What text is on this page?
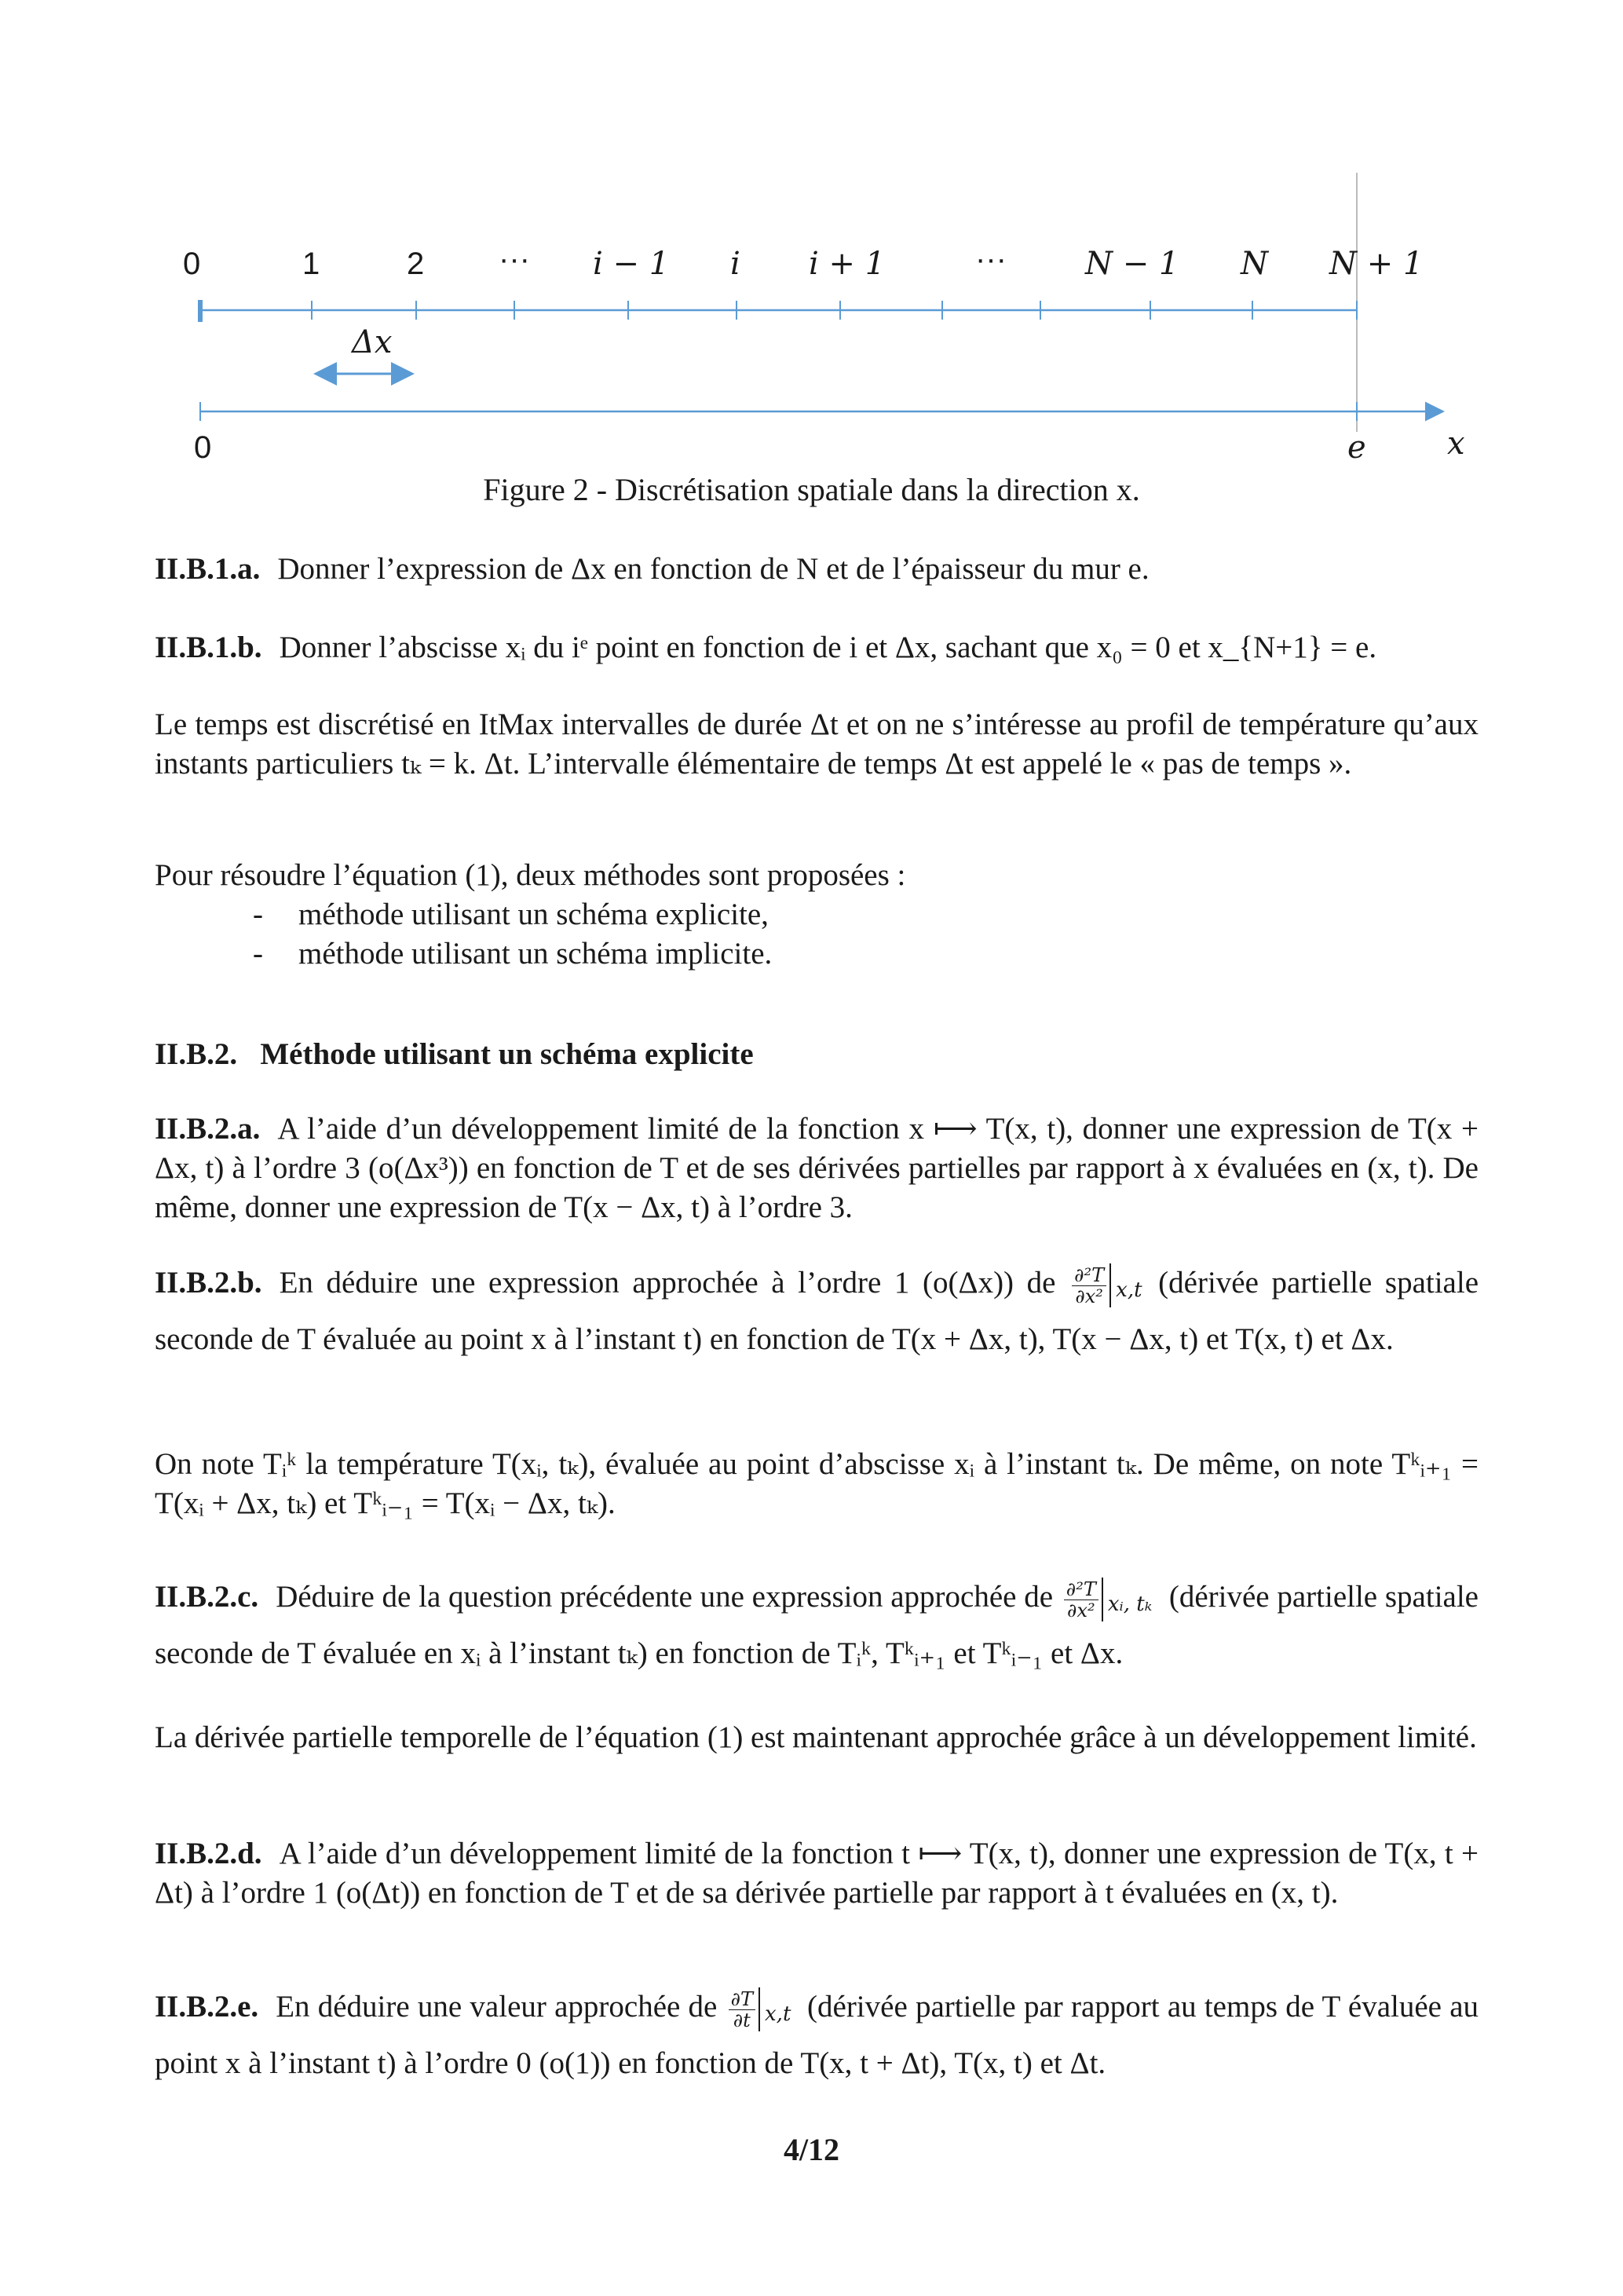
0	1	2 ··· i − 1 i i + 1	···	N − 1 N N + 1
Δx
0	e	x
Figure 2 - Discrétisation spatiale dans la direction x.
II.B.1.a. Donner l’expression de Δx en fonction de N et de l’épaisseur du mur e.
II.B.1.b. Donner l’abscisse xᵢ du iᵉ point en fonction de i et Δx, sachant que x₀ = 0 et x_{N+1} = e.
Le temps est discrétisé en ItMax intervalles de durée Δt et on ne s’intéresse au profil de température qu’aux instants particuliers tₖ = k. Δt. L’intervalle élémentaire de temps Δt est appelé le « pas de temps ».
Pour résoudre l’équation (1), deux méthodes sont proposées :
- méthode utilisant un schéma explicite,
- méthode utilisant un schéma implicite.
II.B.2.   Méthode utilisant un schéma explicite
II.B.2.a. A l’aide d’un développement limité de la fonction x ⟼ T(x, t), donner une expression de T(x + Δx, t) à l’ordre 3 (o(Δx³)) en fonction de T et de ses dérivées partielles par rapport à x évaluées en (x, t). De même, donner une expression de T(x − Δx, t) à l’ordre 3.
II.B.2.b. En déduire une expression approchée à l’ordre 1 (o(Δx)) de $\frac{\text{∂²T}}{\text{∂x²}} x,t$ (dérivée partielle spatiale seconde de T évaluée au point x à l’instant t) en fonction de T(x + Δx, t), T(x − Δx, t) et T(x, t) et Δx.
On note Tᵢᵏ la température T(xᵢ, tₖ), évaluée au point d’abscisse xᵢ à l’instant tₖ. De même, on note Tᵏᵢ₊₁ = T(xᵢ + Δx, tₖ) et Tᵏᵢ₋₁ = T(xᵢ − Δx, tₖ).
II.B.2.c. Déduire de la question précédente une expression approchée de $\frac{\text{∂²T}}{\text{∂x²}}$ xᵢ, tₖ (dérivée partielle spatiale seconde de T évaluée en xᵢ à l’instant tₖ) en fonction de Tᵢᵏ, Tᵏᵢ₊₁ et Tᵏᵢ₋₁ et Δx.
La dérivée partielle temporelle de l’équation (1) est maintenant approchée grâce à un développement limité.
II.B.2.d. A l’aide d’un développement limité de la fonction t ⟼ T(x, t), donner une expression de T(x, t + Δt) à l’ordre 1 (o(Δt)) en fonction de T et de sa dérivée partielle par rapport à t évaluées en (x, t).
II.B.2.e. En déduire une valeur approchée de $\frac{\partial T}{\partial t} x,t$ (dérivée partielle par rapport au temps de T évaluée au point x à l’instant t) à l’ordre 0 (o(1)) en fonction de T(x, t + Δt), T(x, t) et Δt.
4/12
